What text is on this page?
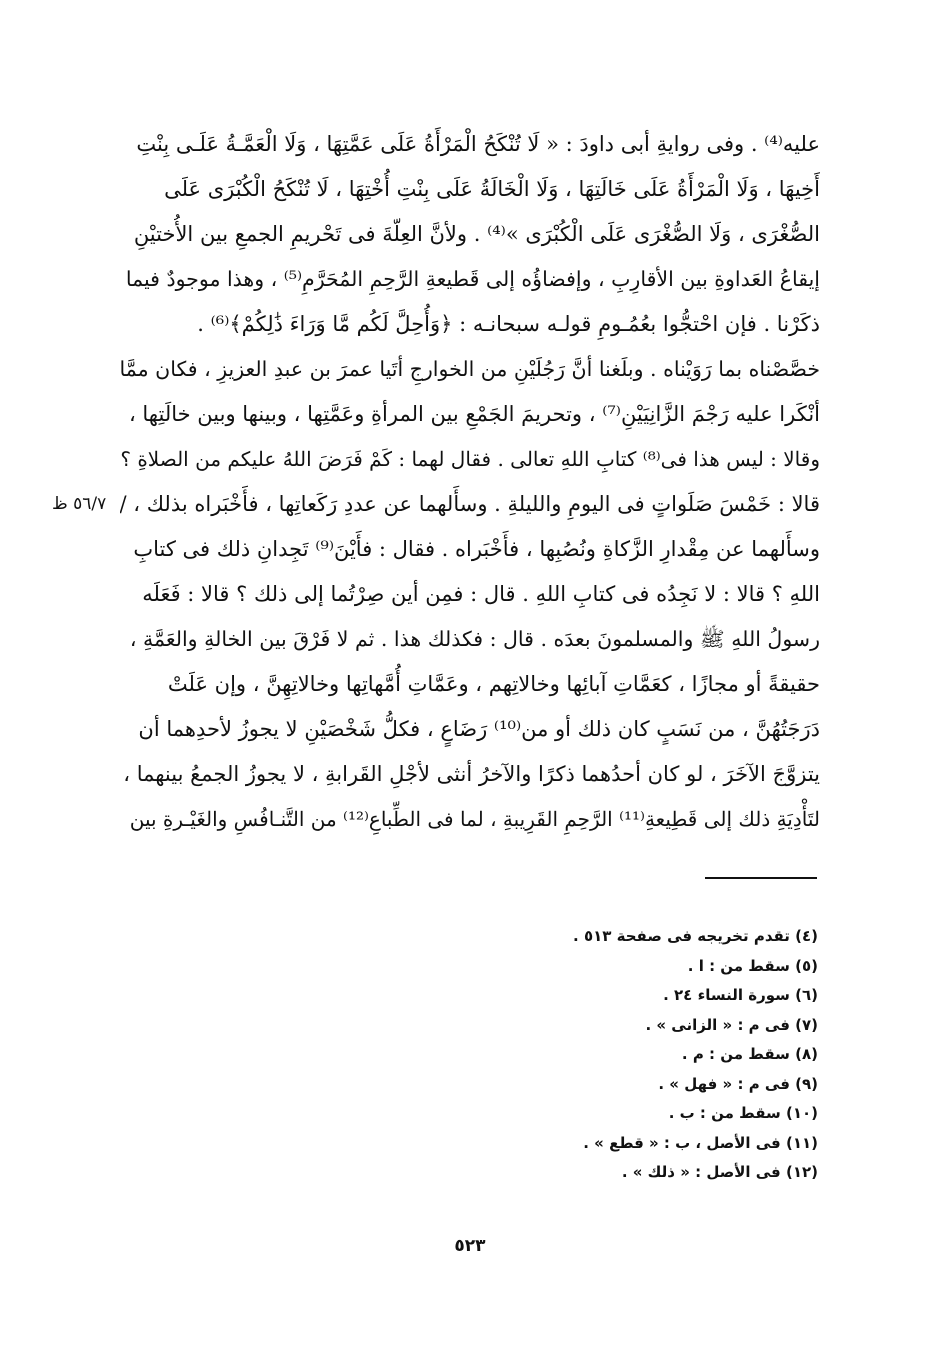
عليه⁽⁴⁾ . وفى روايةِ أبى داودَ : « لَا تُنْكَحُ الْمَرْأَةُ عَلَى عَمَّتِهَا ، وَلَا الْعَمَّـةُ عَلَـى بِنْتِ
أَخِيهَا ، وَلَا الْمَرْأَةُ عَلَى خَالَتِهَا ، وَلَا الْخَالَةُ عَلَى بِنْتِ أُخْتِهَا ، لَا تُنْكَحُ الْكُبْرَى عَلَى
الصُّغْرَى ، وَلَا الصُّغْرَى عَلَى الْكُبْرَى »⁽⁴⁾ . ولأنَّ العِلّةَ فى تَحْريمِ الجمعِ بين الأُختيْنِ
إيقاعُ العَداوةِ بين الأقارِبِ ، وإفضاؤُه إلى قَطيعةِ الرَّحِمِ المُحَرَّمِ⁽⁵⁾ ، وهذا موجودٌ فيما
ذكَرْنا . فإن احْتجُّوا بعُمُـومِ قولـه سبحانـه : ﴿وَأُحِلَّ لَكُم مَّا وَرَاءَ ذَٰلِكُمْ﴾⁽⁶⁾ .
خصَّصْناه بما رَوَيْناه . وبلَغنا أنَّ رَجُلَيْنِ من الخوارجِ أتَيا عمرَ بن عبدِ العزيزِ ، فكان ممَّا
أنْكَرا عليه رَجْمَ الزَّانِيَيْنِ⁽⁷⁾ ، وتحريمَ الجَمْعِ بين المرأةِ وعَمَّتِها ، وبينها وبين خالَتِها ،
وقالا : ليس هذا فى⁽⁸⁾ كتابِ اللهِ تعالى . فقال لهما : كَمْ فَرَضَ اللهُ عليكم من الصلاةِ ؟
قالا : خَمْسَ صَلَواتٍ فى اليومِ والليلةِ . وسأَلهما عن عددِ رَكَعاتِها ، فأَخْبَراه بذلك ، /
وسأَلهما عن مِقْدارِ الزَّكاةِ ونُصُبِها ، فأَخْبَراه . فقال : فأَيْنَ⁽⁹⁾ تَجِدانِ ذلك فى كتابِ
اللهِ ؟ قالا : لا نَجِدُه فى كتابِ اللهِ . قال : فمِن أين صِرْتُما إلى ذلك ؟ قالا : فَعَلَه
رسولُ اللهِ ﷺ والمسلمونَ بعدَه . قال : فكذلك هذا . ثم لا فَرْقَ بين الخالةِ والعَمَّةِ ،
حقيقةً أو مجازًا ، كعَمَّاتِ آبائِها وخالاتِهم ، وعَمَّاتِ أُمَّهاتِها وخالاتِهِنَّ ، وإن عَلَتْ
دَرَجَتُهُنَّ ، من نَسَبٍ كان ذلك أو من⁽¹⁰⁾ رَضَاعٍ ، فكلُّ شَخْصَيْنِ لا يجوزُ لأحدِهما أن
يتزوَّجَ الآخَرَ ، لو كان أحدُهما ذكرًا والآخرُ أنثى لأجْلِ القَرابةِ ، لا يجوزُ الجمعُ بينهما ،
لتَأْدِيَةِ ذلك إلى قَطِيعةِ⁽¹¹⁾ الرَّحِمِ القَرِيبةِ ، لما فى الطِّباعِ⁽¹²⁾ من التَّنـافُسِ والغَيْـرةِ بين
٥٦/٧ ظ
(٤) تقدم تخريجه فى صفحة ٥١٣ .
(٥) سقط من : ا .
(٦) سورة النساء ٢٤ .
(٧) فى م : « الزانى » .
(٨) سقط من : م .
(٩) فى م : « فهل » .
(١٠) سقط من : ب .
(١١) فى الأصل ، ب : « قطع » .
(١٢) فى الأصل : « ذلك » .
٥٢٣
